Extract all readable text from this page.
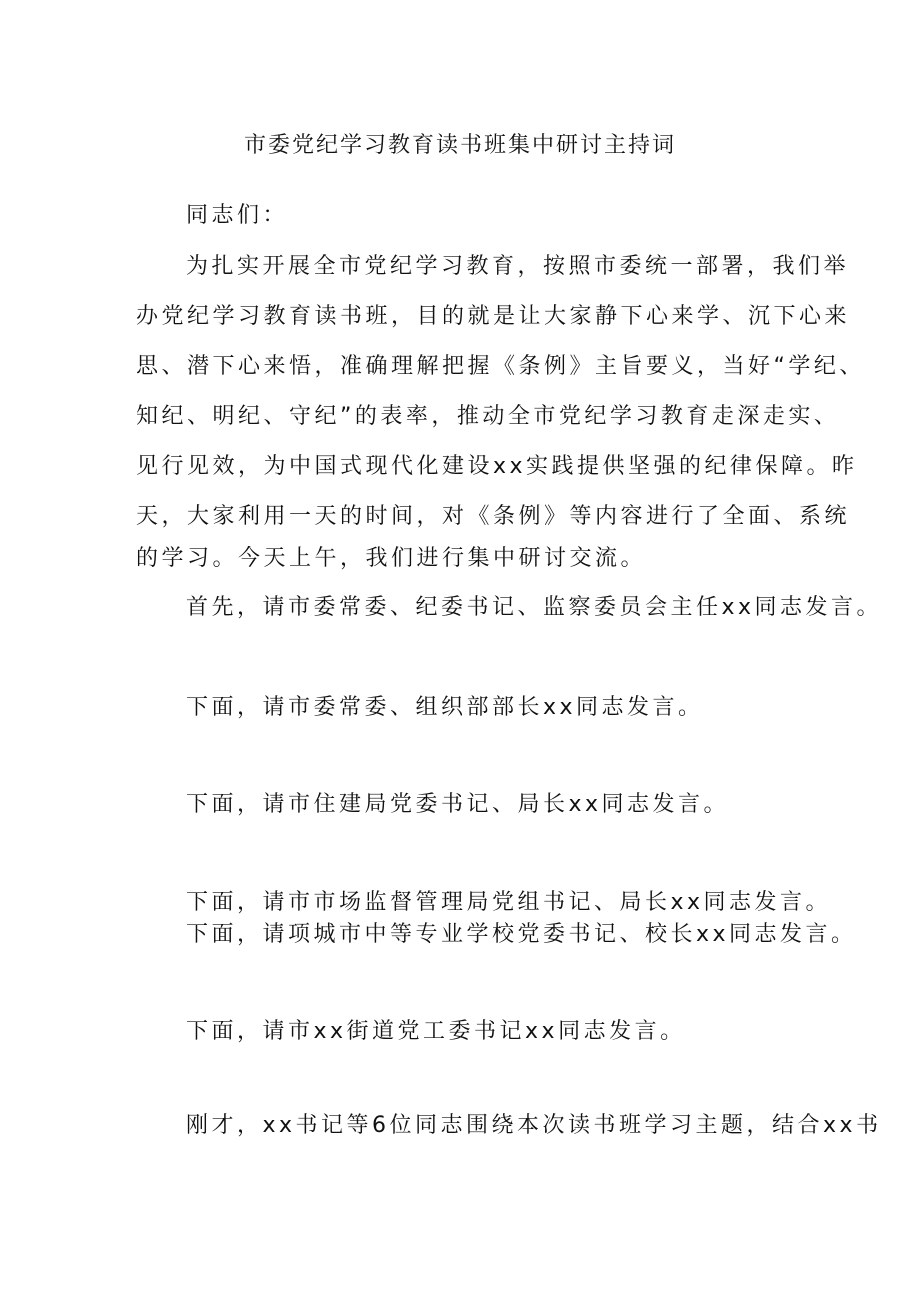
市委党纪学习教育读书班集中研讨主持词
同志们：
为扎实开展全市党纪学习教育，按照市委统一部署，我们举
办党纪学习教育读书班，目的就是让大家静下心来学、沉下心来
思、潜下心来悟，准确理解把握《条例》主旨要义，当好“学纪、
知纪、明纪、守纪”的表率，推动全市党纪学习教育走深走实、
见行见效，为中国式现代化建设xx实践提供坚强的纪律保障。昨
天，大家利用一天的时间，对《条例》等内容进行了全面、系统
的学习。今天上午，我们进行集中研讨交流。
首先，请市委常委、纪委书记、监察委员会主任xx同志发言。
下面，请市委常委、组织部部长xx同志发言。
下面，请市住建局党委书记、局长xx同志发言。
下面，请市市场监督管理局党组书记、局长xx同志发言。
下面，请项城市中等专业学校党委书记、校长xx同志发言。
下面，请市xx街道党工委书记xx同志发言。
刚才，xx书记等6位同志围绕本次读书班学习主题，结合xx书
